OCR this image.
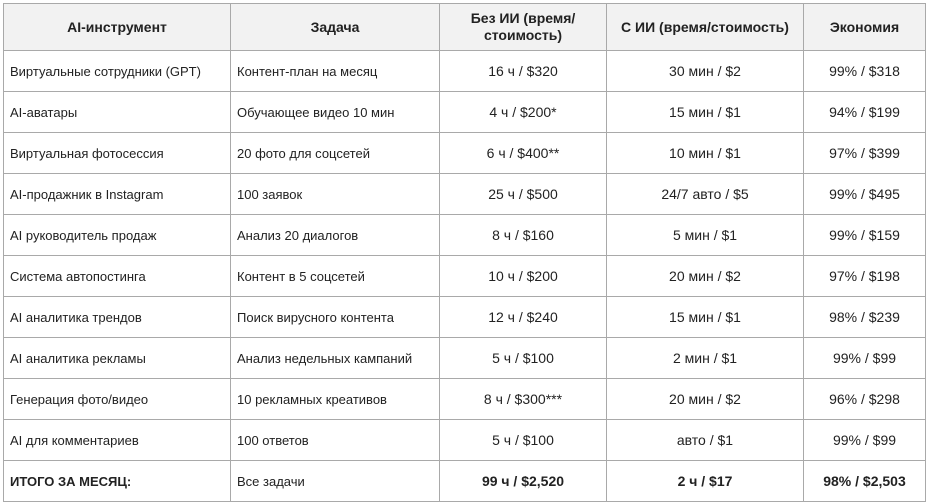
AI-инструмент	Задача	Без ИИ (время/стоимость)	С ИИ (время/стоимость)	Экономия
Виртуальные сотрудники (GPT)	Контент-план на месяц	16 ч / $320	30 мин / $2	99% / $318
AI-аватары	Обучающее видео 10 мин	4 ч / $200*	15 мин / $1	94% / $199
Виртуальная фотосессия	20 фото для соцсетей	6 ч / $400**	10 мин / $1	97% / $399
AI-продажник в Instagram	100 заявок	25 ч / $500	24/7 авто / $5	99% / $495
AI руководитель продаж	Анализ 20 диалогов	8 ч / $160	5 мин / $1	99% / $159
Система автопостинга	Контент в 5 соцсетей	10 ч / $200	20 мин / $2	97% / $198
AI аналитика трендов	Поиск вирусного контента	12 ч / $240	15 мин / $1	98% / $239
AI аналитика рекламы	Анализ недельных кампаний	5 ч / $100	2 мин / $1	99% / $99
Генерация фото/видео	10 рекламных креативов	8 ч / $300***	20 мин / $2	96% / $298
AI для комментариев	100 ответов	5 ч / $100	авто / $1	99% / $99
ИТОГО ЗА МЕСЯЦ:	Все задачи	99 ч / $2,520	2 ч / $17	98% / $2,503
